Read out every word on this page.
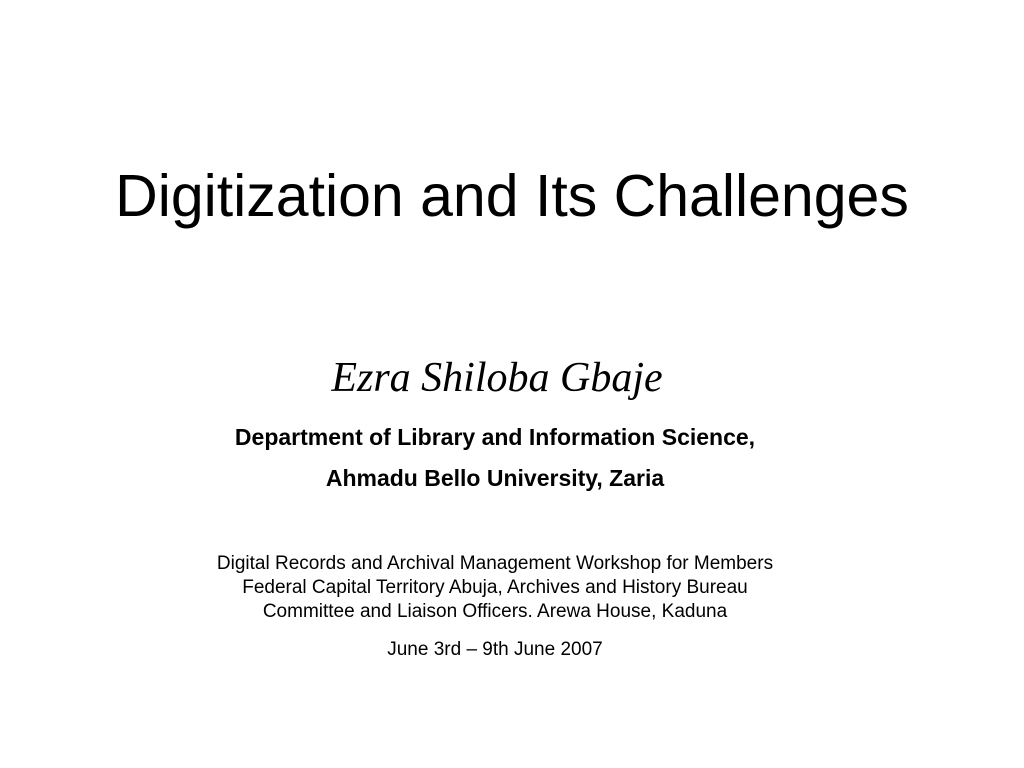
Digitization and Its Challenges

Ezra Shiloba Gbaje

Department of Library and Information Science,

Ahmadu Bello University, Zaria

Digital Records and Archival Management Workshop for Members
Federal Capital Territory Abuja, Archives and History Bureau
Committee and Liaison Officers. Arewa House, Kaduna

June 3rd – 9th June 2007
